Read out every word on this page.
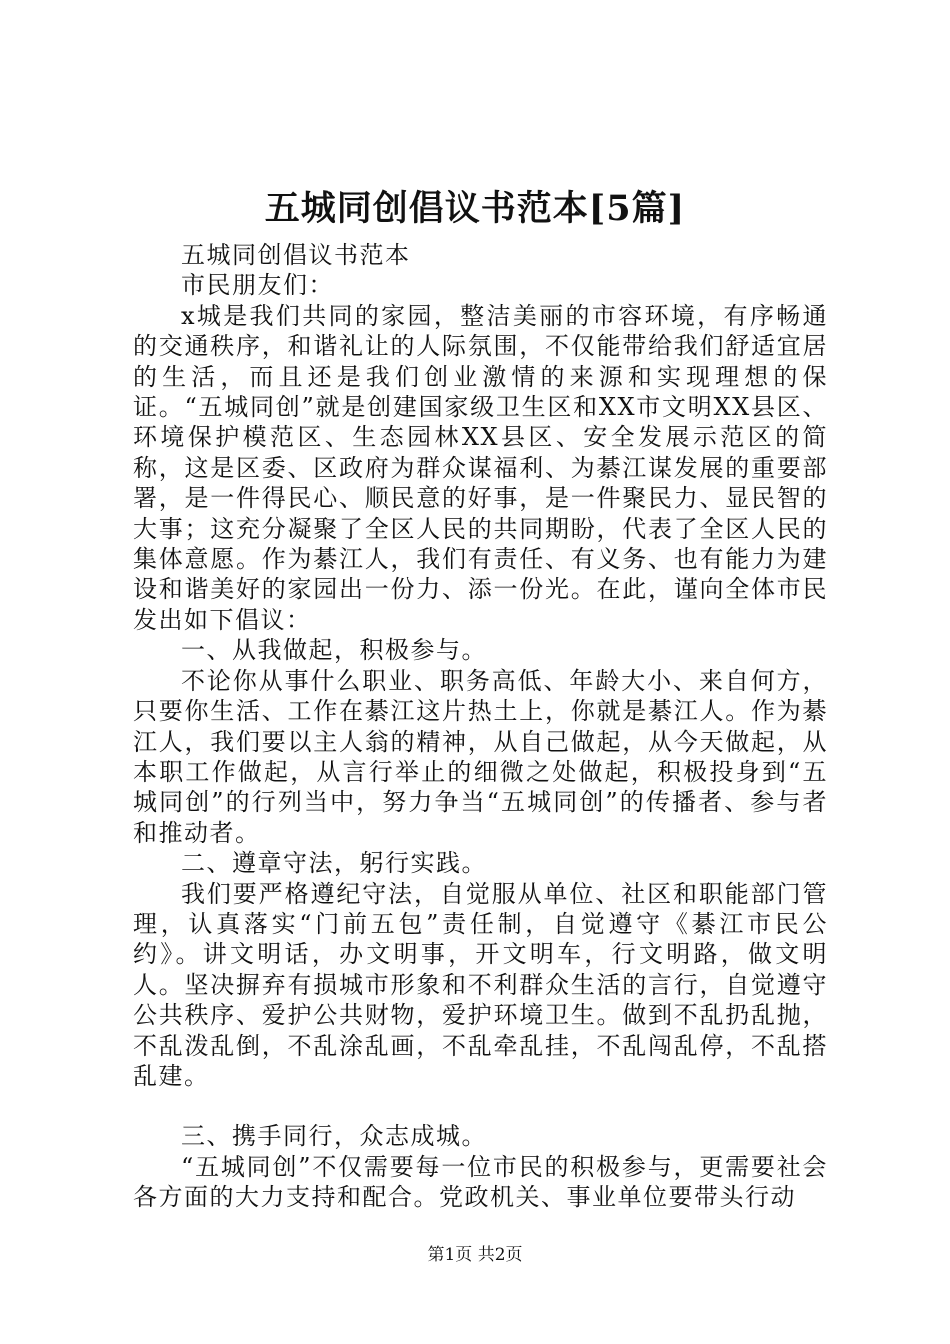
五城同创倡议书范本[5篇]

五城同创倡议书范本

市民朋友们：

x城是我们共同的家园，整洁美丽的市容环境，有序畅通的交通秩序，和谐礼让的人际氛围，不仅能带给我们舒适宜居的生活，而且还是我们创业激情的来源和实现理想的保证。“五城同创”就是创建国家级卫生区和XX市文明XX县区、环境保护模范区、生态园林XX县区、安全发展示范区的简称，这是区委、区政府为群众谋福利、为綦江谋发展的重要部署，是一件得民心、顺民意的好事，是一件聚民力、显民智的大事；这充分凝聚了全区人民的共同期盼，代表了全区人民的集体意愿。作为綦江人，我们有责任、有义务、也有能力为建设和谐美好的家园出一份力、添一份光。在此，谨向全体市民发出如下倡议：

一、从我做起，积极参与。

不论你从事什么职业、职务高低、年龄大小、来自何方，只要你生活、工作在綦江这片热土上，你就是綦江人。作为綦江人，我们要以主人翁的精神，从自己做起，从今天做起，从本职工作做起，从言行举止的细微之处做起，积极投身到“五城同创”的行列当中，努力争当“五城同创”的传播者、参与者和推动者。

二、遵章守法，躬行实践。

我们要严格遵纪守法，自觉服从单位、社区和职能部门管理，认真落实“门前五包”责任制，自觉遵守《綦江市民公约》。讲文明话，办文明事，开文明车，行文明路，做文明人。坚决摒弃有损城市形象和不利群众生活的言行，自觉遵守公共秩序、爱护公共财物，爱护环境卫生。做到不乱扔乱抛，不乱泼乱倒，不乱涂乱画，不乱牵乱挂，不乱闯乱停，不乱搭乱建。

三、携手同行，众志成城。

“五城同创”不仅需要每一位市民的积极参与，更需要社会各方面的大力支持和配合。党政机关、事业单位要带头行动

第1页 共2页
